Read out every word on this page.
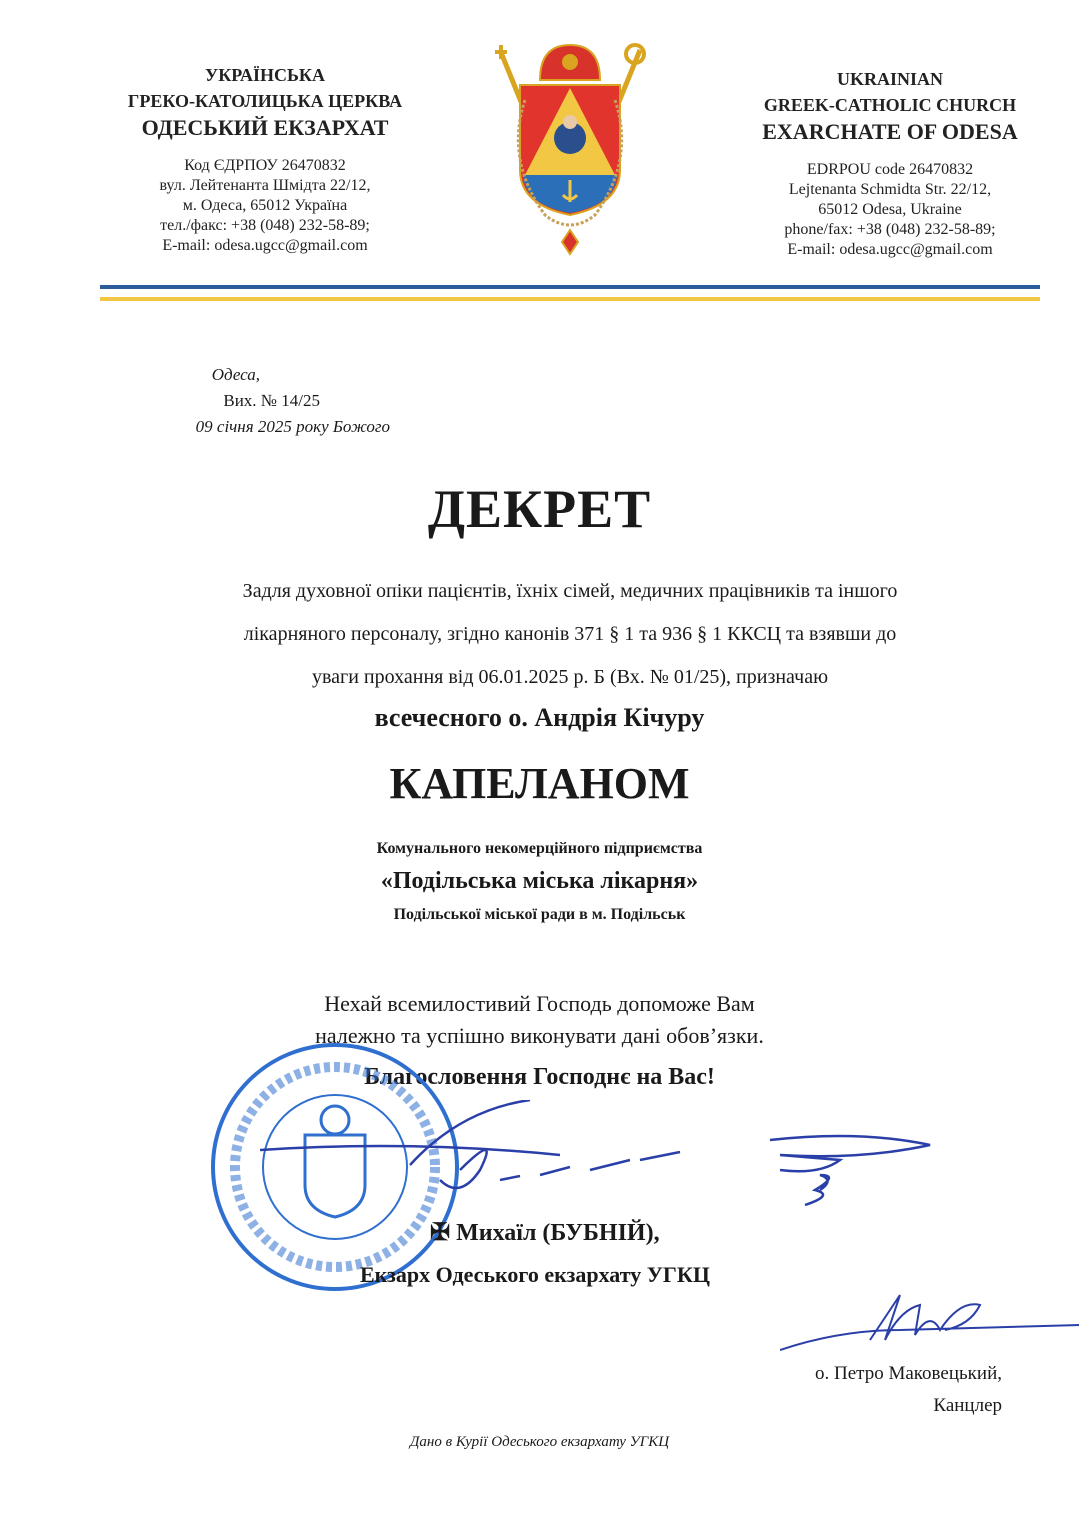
УКРАЇНСЬКА
ГРЕКО-КАТОЛИЦЬКА ЦЕРКВА
ОДЕСЬКИЙ ЕКЗАРХАТ
Код ЄДРПОУ 26470832
вул. Лейтенанта Шмідта 22/12,
м. Одеса, 65012 Україна
тел./факс: +38 (048) 232-58-89;
E-mail: odesa.ugcc@gmail.com
UKRAINIAN
GREEK-CATHOLIC CHURCH
EXARCHATE OF ODESA
EDRPOU code 26470832
Lejtenanta Schmidta Str. 22/12,
65012 Odesa, Ukraine
phone/fax: +38 (048) 232-58-89;
E-mail: odesa.ugcc@gmail.com
Одеса,
Вих. № 14/25
09 січня 2025 року Божого
ДЕКРЕТ
Задля духовної опіки пацієнтів, їхніх сімей, медичних працівників та іншого
лікарняного персоналу, згідно канонів 371 § 1 та 936 § 1 ККСЦ та взявши до
уваги прохання від 06.01.2025 р. Б (Вх. № 01/25), призначаю
всечесного о. Андрія Кічуру
КАПЕЛАНОМ
Комунального некомерційного підприємства
«Подільська міська лікарня»
Подільської міської ради в м. Подільськ
Нехай всемилостивий Господь допоможе Вам
належно та успішно виконувати дані обов’язки.
Благословення Господнє на Вас!
✠ Михаїл (БУБНІЙ),
Екзарх Одеського екзархату УГКЦ
о. Петро Маковецький,
Канцлер
Дано в Курії Одеського екзархату УГКЦ
